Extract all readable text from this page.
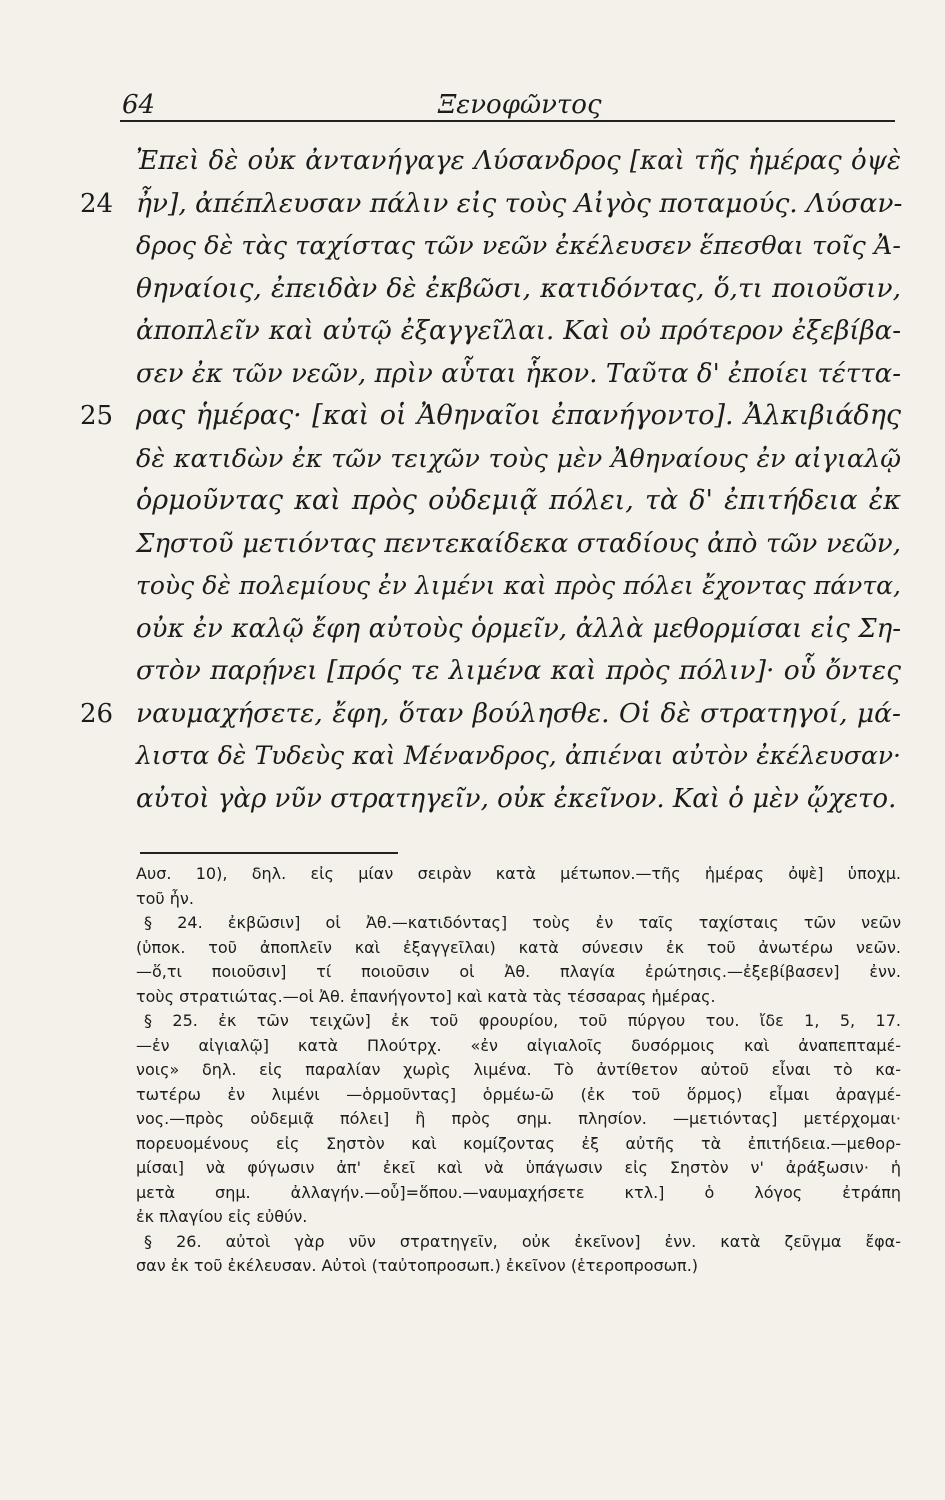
64	Ξενοφῶντος
Ἐπεὶ δὲ οὐκ ἀντανήγαγε Λύσανδρος [καὶ τῆς ἡμέρας ὀψὲ
24 ἦν], ἀπέπλευσαν πάλιν εἰς τοὺς Αἰγὸς ποταμούς. Λύσαν-
δρος δὲ τὰς ταχίστας τῶν νεῶν ἐκέλευσεν ἕπεσθαι τοῖς Ἀ-
θηναίοις, ἐπειδὰν δὲ ἐκβῶσι, κατιδόντας, ὅ,τι ποιοῦσιν,
ἀποπλεῖν καὶ αὐτῷ ἐξαγγεῖλαι. Καὶ οὐ πρότερον ἐξεβίβα-
σεν ἐκ τῶν νεῶν, πρὶν αὗται ἧκον. Ταῦτα δ' ἐποίει τέττα-
25 ρας ἡμέρας· [καὶ οἱ Ἀθηναῖοι ἐπανήγοντο]. Ἀλκιβιάδης
δὲ κατιδὼν ἐκ τῶν τειχῶν τοὺς μὲν Ἀθηναίους ἐν αἰγιαλῷ
ὁρμοῦντας καὶ πρὸς οὐδεμιᾷ πόλει, τὰ δ' ἐπιτήδεια ἐκ
Σηστοῦ μετιόντας πεντεκαίδεκα σταδίους ἀπὸ τῶν νεῶν,
τοὺς δὲ πολεμίους ἐν λιμένι καὶ πρὸς πόλει ἔχοντας πάντα,
οὐκ ἐν καλῷ ἔφη αὐτοὺς ὁρμεῖν, ἀλλὰ μεθορμίσαι εἰς Ση-
στὸν παρῄνει [πρός τε λιμένα καὶ πρὸς πόλιν]· οὗ ὄντες
26 ναυμαχήσετε, ἔφη, ὅταν βούλησθε. Οἱ δὲ στρατηγοί, μά-
λιστα δὲ Τυδεὺς καὶ Μένανδρος, ἀπιέναι αὐτὸν ἐκέλευσαν·
αὐτοὶ γὰρ νῦν στρατηγεῖν, οὐκ ἐκεῖνον. Καὶ ὁ μὲν ᾤχετο.
Αυσ. 10), δηλ. εἰς μίαν σειρὰν κατὰ μέτωπον.—τῆς ἡμέρας ὀψὲ] ὑποχμ.
τοῦ ἦν.
§ 24. ἐκβῶσιν] οἱ Ἀθ.—κατιδόντας] τοὺς ἐν ταῖς ταχίσταις τῶν νεῶν
(ὑποκ. τοῦ ἀποπλεῖν καὶ ἐξαγγεῖλαι) κατὰ σύνεσιν ἐκ τοῦ ἀνωτέρω νεῶν.
—ὅ,τι ποιοῦσιν] τί ποιοῦσιν οἱ Ἀθ. πλαγία ἐρώτησις.—ἐξεβίβασεν] ἐνν.
τοὺς στρατιώτας.—οἱ Ἀθ. ἐπανήγοντο] καὶ κατὰ τὰς τέσσαρας ἡμέρας.
§ 25. ἐκ τῶν τειχῶν] ἐκ τοῦ φρουρίου, τοῦ πύργου του. ἴδε 1, 5, 17.
—ἐν αἰγιαλῷ] κατὰ Πλούτρχ. «ἐν αἰγιαλοῖς δυσόρμοις καὶ ἀναπεπταμέ-
νοις» δηλ. εἰς παραλίαν χωρὶς λιμένα. Τὸ ἀντίθετον αὐτοῦ εἶναι τὸ κα-
τωτέρω ἐν λιμένι —ὁρμοῦντας] ὁρμέω-ῶ (ἐκ τοῦ ὅρμος) εἶμαι ἀραγμέ-
νος.—πρὸς οὐδεμιᾷ πόλει] ἢ πρὸς σημ. πλησίον. —μετιόντας] μετέρχομαι·
πορευομένους εἰς Σηστὸν καὶ κομίζοντας ἐξ αὐτῆς τὰ ἐπιτήδεια.—μεθορ-
μίσαι] νὰ φύγωσιν ἀπ' ἐκεῖ καὶ νὰ ὑπάγωσιν εἰς Σηστὸν ν' ἀράξωσιν· ἡ
μετὰ σημ. ἀλλαγήν.—οὗ]=ὅπου.—ναυμαχήσετε κτλ.] ὁ λόγος ἐτράπη
ἐκ πλαγίου εἰς εὐθύν.
§ 26. αὐτοὶ γὰρ νῦν στρατηγεῖν, οὐκ ἐκεῖνον] ἐνν. κατὰ ζεῦγμα ἔφα-
σαν ἐκ τοῦ ἐκέλευσαν. Αὐτοὶ (ταὐτοπροσωπ.) ἐκεῖνον (ἑτεροπροσωπ.)
